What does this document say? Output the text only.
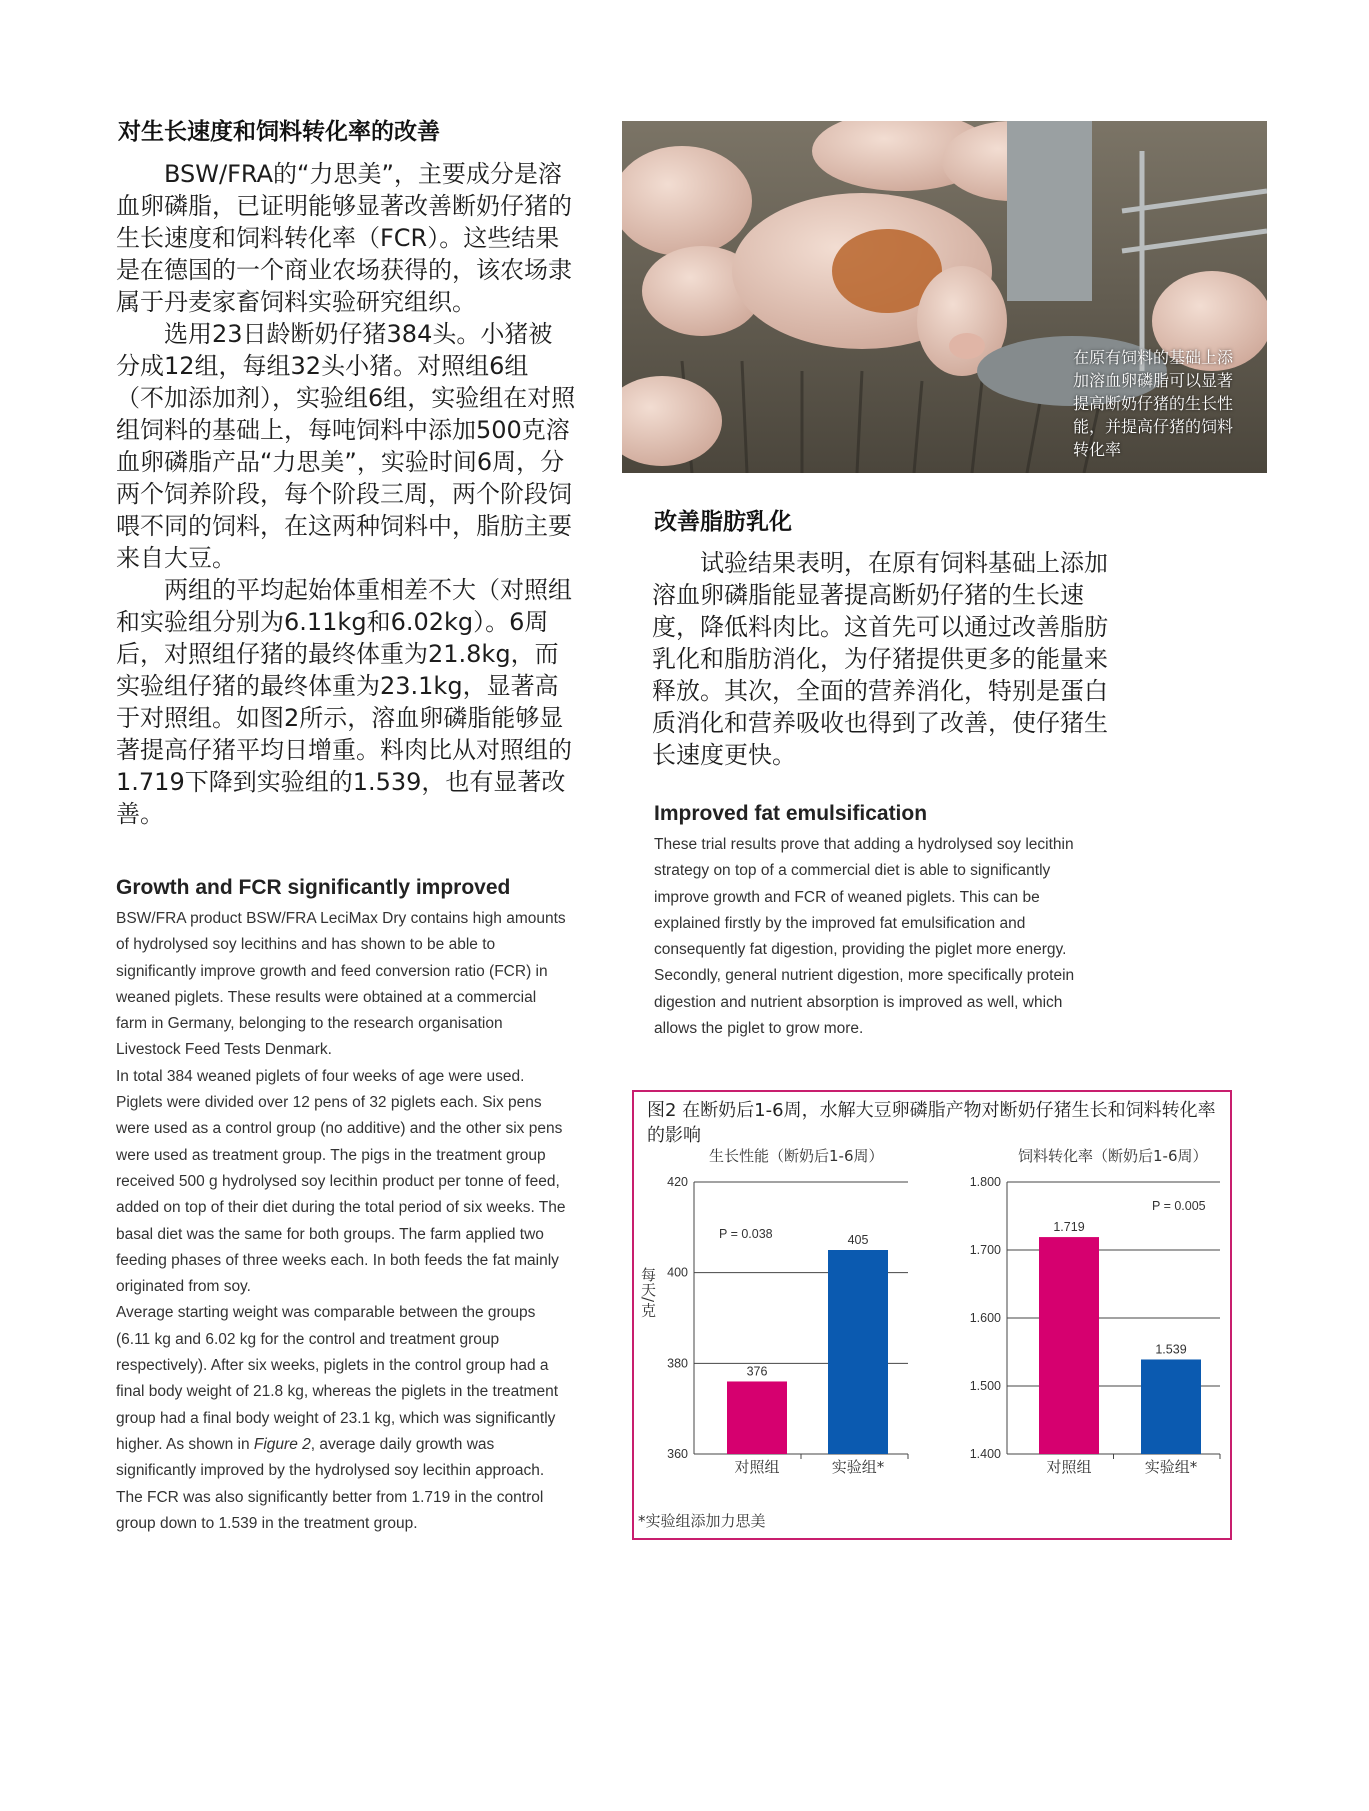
对生长速度和饲料转化率的改善

BSW/FRA的“力思美”，主要成分是溶血卵磷脂，已证明能够显著改善断奶仔猪的生长速度和饲料转化率（FCR）。这些结果是在德国的一个商业农场获得的，该农场隶属于丹麦家畜饲料实验研究组织。

选用23日龄断奶仔猪384头。小猪被分成12组，每组32头小猪。对照组6组（不加添加剂），实验组6组，实验组在对照组饲料的基础上，每吨饲料中添加500克溶血卵磷脂产品“力思美”，实验时间6周，分两个饲养阶段，每个阶段三周，两个阶段饲喂不同的饲料，在这两种饲料中，脂肪主要来自大豆。

两组的平均起始体重相差不大（对照组和实验组分别为6.11kg和6.02kg）。6周后，对照组仔猪的最终体重为21.8kg，而实验组仔猪的最终体重为23.1kg，显著高于对照组。如图2所示，溶血卵磷脂能够显著提高仔猪平均日增重。料肉比从对照组的1.719下降到实验组的1.539，也有显著改善。

Growth and FCR significantly improved

BSW/FRA product BSW/FRA LeciMax Dry contains high amounts of hydrolysed soy lecithins and has shown to be able to significantly improve growth and feed conversion ratio (FCR) in weaned piglets. These results were obtained at a commercial farm in Germany, belonging to the research organisation Livestock Feed Tests Denmark.

In total 384 weaned piglets of four weeks of age were used. Piglets were divided over 12 pens of 32 piglets each. Six pens were used as a control group (no additive) and the other six pens were used as treatment group. The pigs in the treatment group received 500 g hydrolysed soy lecithin product per tonne of feed, added on top of their diet during the total period of six weeks. The basal diet was the same for both groups. The farm applied two feeding phases of three weeks each. In both feeds the fat mainly originated from soy.

Average starting weight was comparable between the groups (6.11 kg and 6.02 kg for the control and treatment group respectively). After six weeks, piglets in the control group had a final body weight of 21.8 kg, whereas the piglets in the treatment group had a final body weight of 23.1 kg, which was significantly higher. As shown in Figure 2, average daily growth was significantly improved by the hydrolysed soy lecithin approach. The FCR was also significantly better from 1.719 in the control group down to 1.539 in the treatment group.

在原有饲料的基础上添加溶血卵磷脂可以显著提高断奶仔猪的生长性能，并提高仔猪的饲料转化率
改善脂肪乳化

试验结果表明，在原有饲料基础上添加溶血卵磷脂能显著提高断奶仔猪的生长速度，降低料肉比。这首先可以通过改善脂肪乳化和脂肪消化，为仔猪提供更多的能量来释放。其次，全面的营养消化，特别是蛋白质消化和营养吸收也得到了改善，使仔猪生长速度更快。

Improved fat emulsification

These trial results prove that adding a hydrolysed soy lecithin strategy on top of a commercial diet is able to significantly improve growth and FCR of weaned piglets. This can be explained firstly by the improved fat emulsification and consequently fat digestion, providing the piglet more energy. Secondly, general nutrient digestion, more specifically protein digestion and nutrient absorption is improved as well, which allows the piglet to grow more.

图2 在断奶后1-6周，水解大豆卵磷脂产物对断奶仔猪生长和饲料转化率的影响
生长性能（断奶后1-6周）
360
380
400
420
376
对照组
405
实验组*
P = 0.038
每天/克
饲料转化率（断奶后1-6周）
1.400
1.500
1.600
1.700
1.800
1.719
对照组
1.539
实验组*
P = 0.005
*实验组添加力思美
